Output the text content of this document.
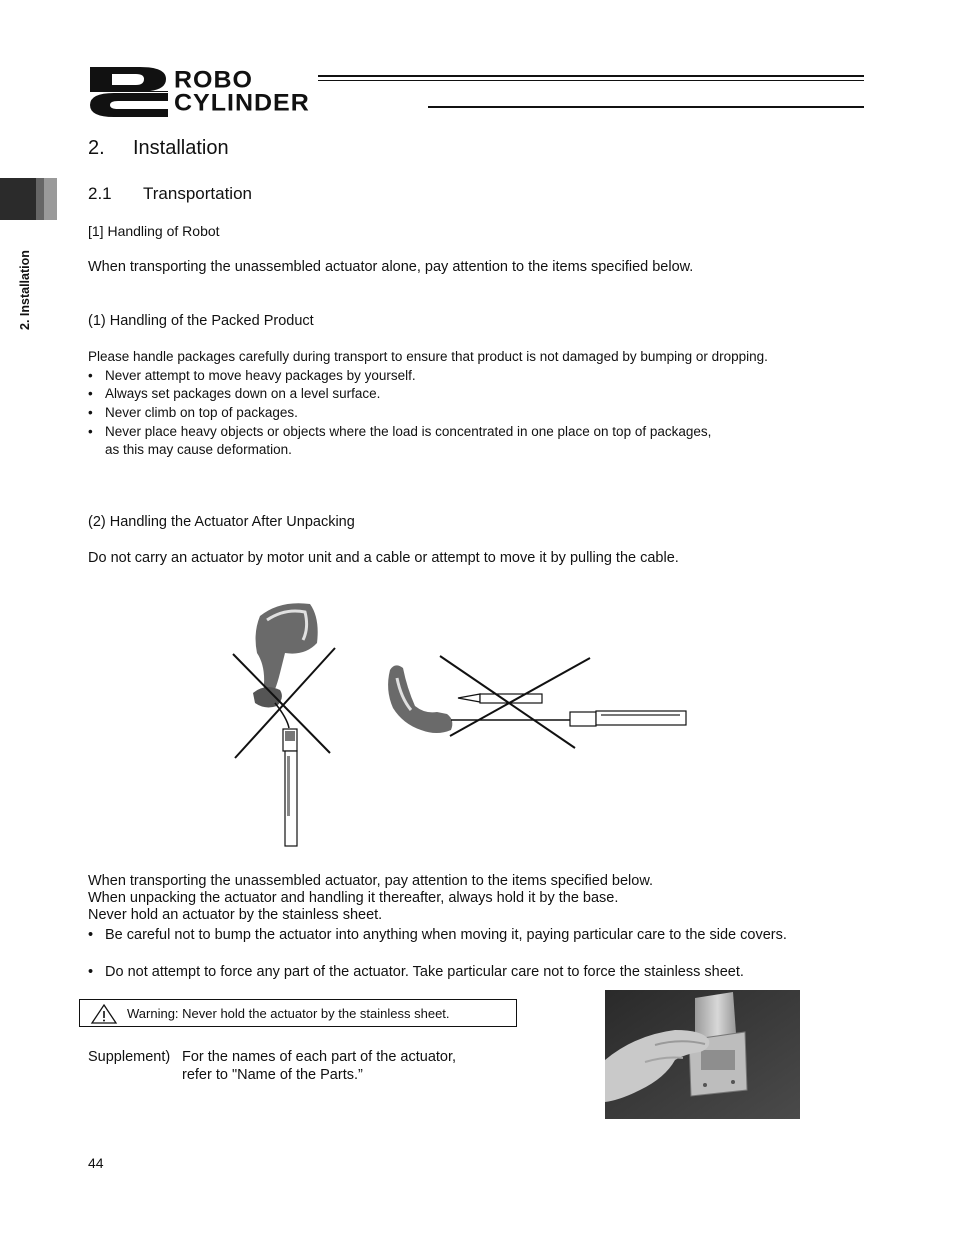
ROBO
CYLINDER
2. Installation
2. Installation
2.1 Transportation
[1] Handling of Robot
When transporting the unassembled actuator alone, pay attention to the items specified below.
(1) Handling of the Packed Product
Please handle packages carefully during transport to ensure that product is not damaged by bumping or dropping.
• Never attempt to move heavy packages by yourself.
• Always set packages down on a level surface.
• Never climb on top of packages.
• Never place heavy objects or objects where the load is concentrated in one place on top of packages,
as this may cause deformation.
(2) Handling the Actuator After Unpacking
Do not carry an actuator by motor unit and a cable or attempt to move it by pulling the cable.
When transporting the unassembled actuator, pay attention to the items specified below.
When unpacking the actuator and handling it thereafter, always hold it by the base.
Never hold an actuator by the stainless sheet.
• Be careful not to bump the actuator into anything when moving it, paying particular care to the side covers.
• Do not attempt to force any part of the actuator. Take particular care not to force the stainless sheet.
Warning: Never hold the actuator by the stainless sheet.
Supplement) For the names of each part of the actuator,
refer to "Name of the Parts.”
44
